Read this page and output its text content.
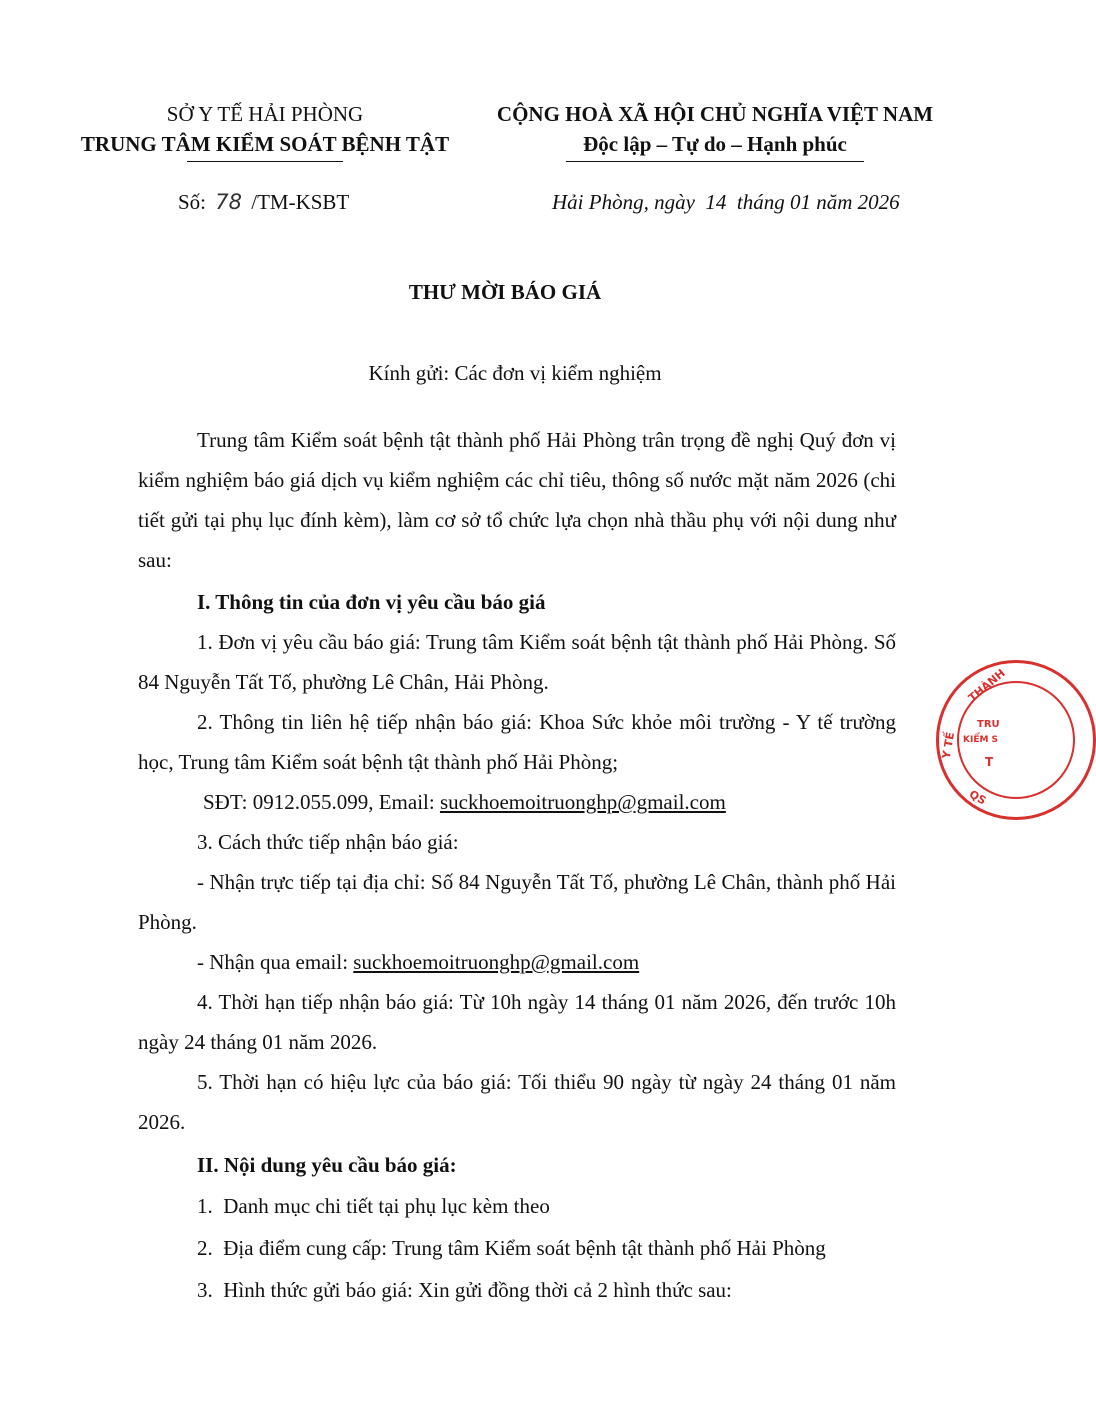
SỞ Y TẾ HẢI PHÒNG
TRUNG TÂM KIỂM SOÁT BỆNH TẬT
CỘNG HOÀ XÃ HỘI CHỦ NGHĨA VIỆT NAM
Độc lập – Tự do – Hạnh phúc
Số: 78 /TM-KSBT	Hải Phòng, ngày  14  tháng 01 năm 2026
THƯ MỜI BÁO GIÁ
Kính gửi: Các đơn vị kiểm nghiệm
Trung tâm Kiểm soát bệnh tật thành phố Hải Phòng trân trọng đề nghị Quý đơn vị kiểm nghiệm báo giá dịch vụ kiểm nghiệm các chỉ tiêu, thông số nước mặt năm 2026 (chi tiết gửi tại phụ lục đính kèm), làm cơ sở tổ chức lựa chọn nhà thầu phụ với nội dung như sau:
I. Thông tin của đơn vị yêu cầu báo giá
1. Đơn vị yêu cầu báo giá: Trung tâm Kiểm soát bệnh tật thành phố Hải Phòng. Số 84 Nguyễn Tất Tố, phường Lê Chân, Hải Phòng.
2. Thông tin liên hệ tiếp nhận báo giá: Khoa Sức khỏe môi trường - Y tế trường học, Trung tâm Kiểm soát bệnh tật thành phố Hải Phòng;
SĐT: 0912.055.099, Email: suckhoemoitruonghp@gmail.com
3. Cách thức tiếp nhận báo giá:
- Nhận trực tiếp tại địa chỉ: Số 84 Nguyễn Tất Tố, phường Lê Chân, thành phố Hải Phòng.
- Nhận qua email: suckhoemoitruonghp@gmail.com
4. Thời hạn tiếp nhận báo giá: Từ 10h ngày 14 tháng 01 năm 2026, đến trước 10h ngày 24 tháng 01 năm 2026.
5. Thời hạn có hiệu lực của báo giá: Tối thiểu 90 ngày từ ngày 24 tháng 01 năm 2026.
II. Nội dung yêu cầu báo giá:
1.  Danh mục chi tiết tại phụ lục kèm theo
2.  Địa điểm cung cấp: Trung tâm Kiểm soát bệnh tật thành phố Hải Phòng
3.  Hình thức gửi báo giá: Xin gửi đồng thời cả 2 hình thức sau:
THÀNH
Y TẾ
QS
TRU
KIỂM S
T
